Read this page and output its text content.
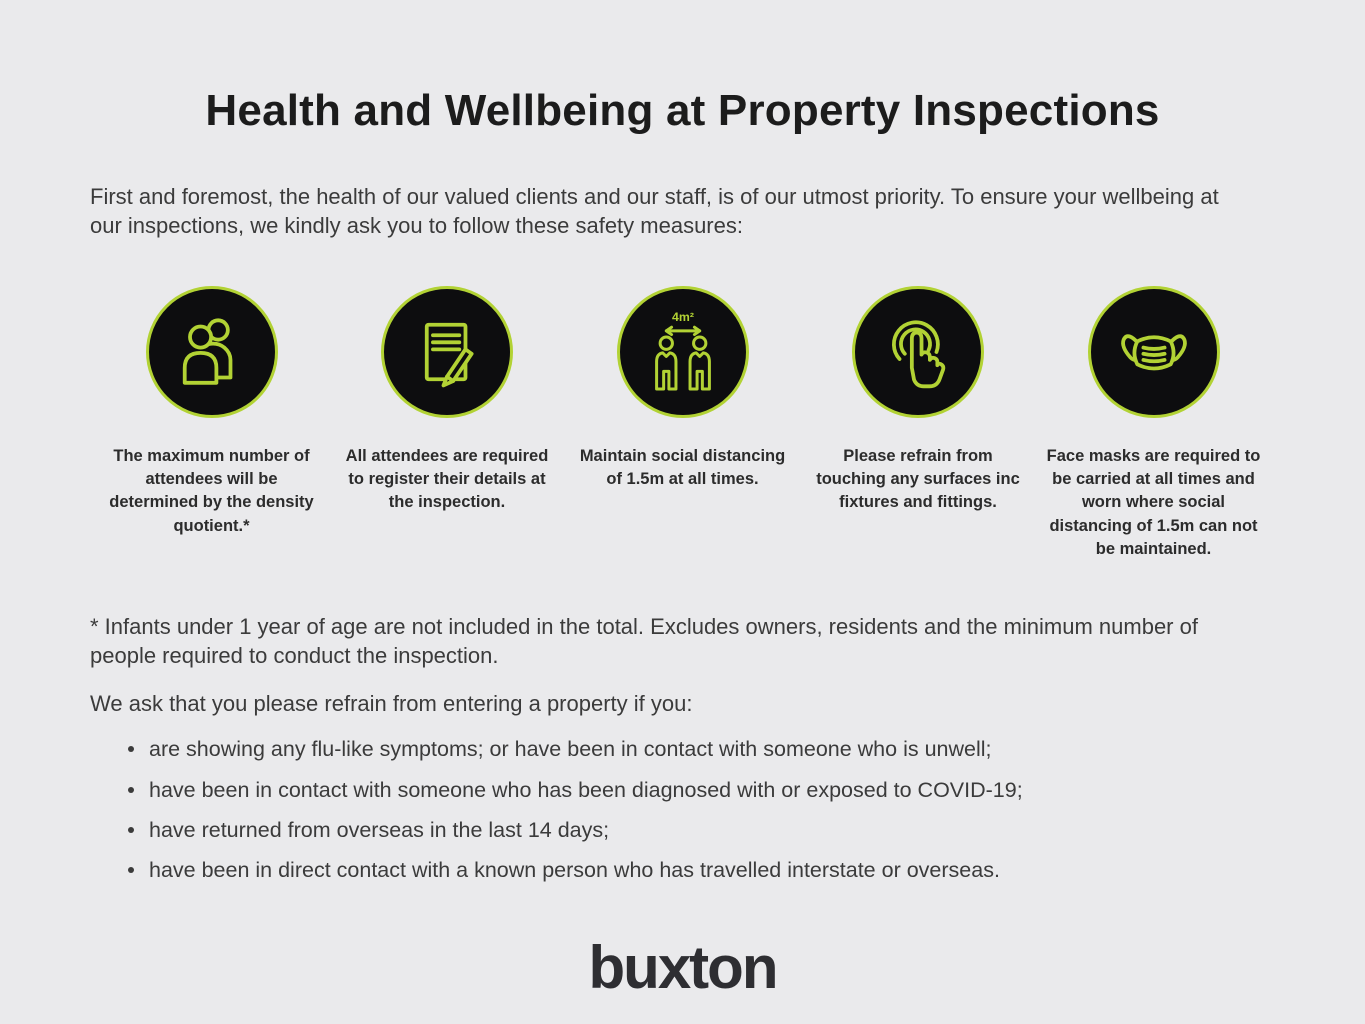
Health and Wellbeing at Property Inspections

First and foremost, the health of our valued clients and our staff, is of our utmost priority. To ensure your wellbeing at our inspections, we kindly ask you to follow these safety measures:

The maximum number of attendees will be determined by the density quotient.*

All attendees are required to register their details at the inspection.

4m²

Maintain social distancing of 1.5m at all times.

Please refrain from touching any surfaces inc fixtures and fittings.

Face masks are required to be carried at all times and worn where social distancing of 1.5m can not be maintained.

* Infants under 1 year of age are not included in the total. Excludes owners, residents and the minimum number of people required to conduct the inspection.

We ask that you please refrain from entering a property if you:

are showing any flu-like symptoms; or have been in contact with someone who is unwell;
have been in contact with someone who has been diagnosed with or exposed to COVID-19;
have returned from overseas in the last 14 days;
have been in direct contact with a known person who has travelled interstate or overseas.
buxton
